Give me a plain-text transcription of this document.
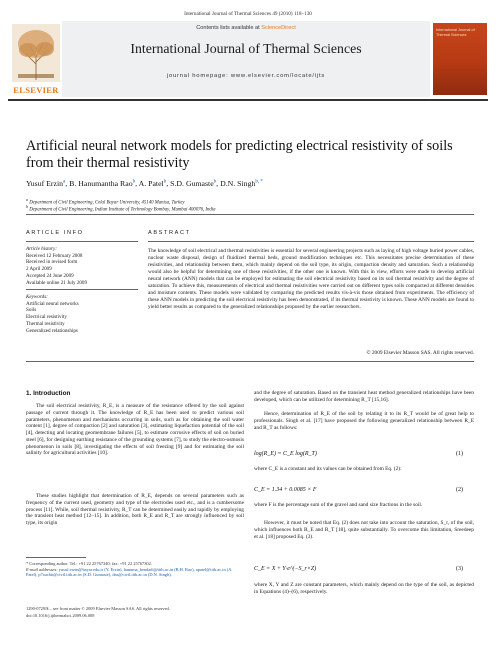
International Journal of Thermal Sciences 49 (2010) 118–130
ELSEVIER
Contents lists available at ScienceDirect
International Journal of Thermal Sciences
journal homepage: www.elsevier.com/locate/ijts
International Journal of Thermal Sciences
Artificial neural network models for predicting electrical resistivity of soils
from their thermal resistivity
Yusuf Erzin$^a$, B. Hanumantha Rao$^b$, A. Patel$^b$, S.D. Gumaste$^b$, D.N. Singh$^{b, *}$
$^a$ Department of Civil Engineering, Celal Bayar University, 45140 Manisa, Turkey
$^b$ Department of Civil Engineering, Indian Institute of Technology Bombay, Mumbai 400076, India
ARTICLE INFO
Article history:
Received 12 February 2008
Received in revised form
2 April 2009
Accepted 24 June 2009
Available online 21 July 2009
Keywords:
Artificial neural networks
Soils
Electrical resistivity
Thermal resistivity
Generalized relationships
ABSTRACT
The knowledge of soil electrical and thermal resistivities is essential for several engineering projects such as laying of high voltage buried power cables, nuclear waste disposal, design of fluidized thermal beds, ground modification techniques etc. This necessitates precise determination of these resistivities, and relationship between them, which mainly depend on the soil type, its origin, compaction density and saturation. Such a relationship would also be helpful for determining one of these resistivities, if the other one is known. With this in view, efforts were made to develop artificial neural network (ANN) models that can be employed for estimating the soil electrical resistivity based on its soil thermal resistivity and the degree of saturation. To achieve this, measurements of electrical and thermal resistivities were carried out on different types soils compacted at different densities and moisture contents. These models were validated by comparing the predicted results vis-à-vis those obtained from experiments. The efficiency of these ANN models in predicting the soil electrical resistivity has been demonstrated, if its thermal resistivity is known. These ANN models are found to yield better results as compared to the generalized relationships proposed by the earlier researchers.
© 2009 Elsevier Masson SAS. All rights reserved.
1. Introduction
The soil electrical resistivity, R_E, is a measure of the resistance offered by the soil against passage of current through it. The knowledge of R_E has been used to predict various soil parameters, phenomenon and mechanisms occurring in soils, such as for obtaining the soil water content [1], degree of compaction [2] and saturation [3], estimating liquefaction potential of the soil [4], detecting and locating geomembrane failures [5], to estimate corrosive effects of soil on buried steel [6], for designing earthing resistance of the grounding systems [7], to study the electro-osmosis phenomenon in soils [8], investigating the effects of soil freezing [9] and for estimating the soil salinity for agricultural activities [10].
These studies highlight that determination of R_E, depends on several parameters such as frequency of the current used, geometry and type of the electrodes used etc., and is a cumbersome process [11]. While, soil thermal resistivity, R_T can be determined easily and rapidly by employing the transient heat method [12–15]. In addition, both R_E and R_T are strongly influenced by soil type, its origin
* Corresponding author. Tel.: +91 22 25767340; fax: +91 22 25767302.
E-mail addresses: yusuf.erzin@bayar.edu.tr (Y. Erzin), hanuma_bendadi@iitb.ac.in (B.H. Rao), apatel@iitb.ac.in (A. Patel), p7suchit@civil.iitb.ac.in (S.D. Gumaste), dns@civil.iitb.ac.in (D.N. Singh).
1290-0729/$ – see front matter © 2009 Elsevier Masson SAS. All rights reserved.
doi:10.1016/j.ijthermalsci.2009.06.008
and the degree of saturation. Based on the transient heat method generalized relationships have been developed, which can be utilized for determining R_T [15,16].
Hence, determination of R_E of the soil by relating it to its R_T would be of great help to professionals. Singh et al. [17] have proposed the following generalized relationship between R_E and R_T as follows:
log(R_E) = C_E log(R_T)	(1)
where C_E is a constant and its values can be obtained from Eq. (2):
C_E = 1.34 + 0.0085 × F	(2)
where F is the percentage sum of the gravel and sand size fractions in the soil.
However, it must be noted that Eq. (2) does not take into account the saturation, S_r, of the soil, which influences both R_E and R_T [18], quite substantially. To overcome this limitation, Sreedeep et al. [18] proposed Eq. (3).
C_E = X + Y·e^(−S_r×Z)	(3)
where X, Y and Z are constant parameters, which mainly depend on the type of the soil, as depicted in Equations (4)–(6), respectively.
